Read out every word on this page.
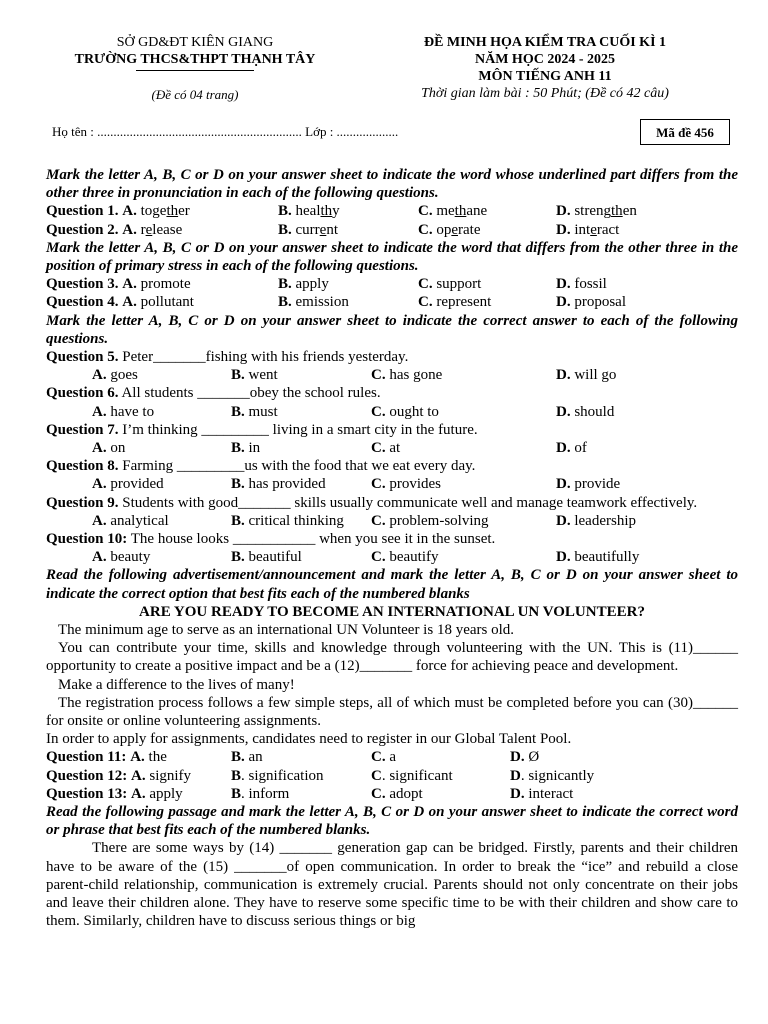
SỞ GD&ĐT KIÊN GIANG
TRƯỜNG THCS&THPT THẠNH TÂY
(Đề có 04 trang)
ĐỀ MINH HỌA KIỂM TRA CUỐI KÌ 1
NĂM HỌC 2024 - 2025
MÔN TIẾNG ANH 11
Thời gian làm bài : 50 Phút; (Đề có 42 câu)
Họ tên : ............................................................... Lớp : ...................	Mã đề 456
Mark the letter A, B, C or D on your answer sheet to indicate the word whose underlined part differs from the other three in pronunciation in each of the following questions.
Question 1. A. together	B. healthy	C. methane	D. strengthen
Question 2. A. release	B. current	C. operate	D. interact
Mark the letter A, B, C or D on your answer sheet to indicate the word that differs from the other three in the position of primary stress in each of the following questions.
Question 3. A. promote	B. apply	C. support	D. fossil
Question 4. A. pollutant	B. emission	C. represent	D. proposal
Mark the letter A, B, C or D on your answer sheet to indicate the correct answer to each of the following questions.
Question 5. Peter_______fishing with his friends yesterday.
A. goes	B. went	C. has gone	D. will go
Question 6. All students _______obey the school rules.
A. have to	B. must	C. ought to	D. should
Question 7. I’m thinking _________ living in a smart city in the future.
A. on	B. in	C. at	D. of
Question 8. Farming _________us with the food that we eat every day.
A. provided	B. has provided	C. provides	D. provide
Question 9. Students with good_______ skills usually communicate well and manage teamwork effectively.
A. analytical	B. critical thinking C. problem-solving	D. leadership
Question 10: The house looks ___________ when you see it in the sunset.
A. beauty	B. beautiful	C. beautify	D. beautifully
Read the following advertisement/announcement and mark the letter A, B, C or D on your answer sheet to indicate the correct option that best fits each of the numbered blanks
ARE YOU READY TO BECOME AN INTERNATIONAL UN VOLUNTEER?
The minimum age to serve as an international UN Volunteer is 18 years old.
You can contribute your time, skills and knowledge through volunteering with the UN. This is (11)______ opportunity to create a positive impact and be a (12)_______ force for achieving peace and development.
Make a difference to the lives of many!
The registration process follows a few simple steps, all of which must be completed before you can (30)______ for onsite or online volunteering assignments.
In order to apply for assignments, candidates need to register in our Global Talent Pool.
Question 11: A. the	B. an	C. a	D. Ø
Question 12: A. signify	B. signification	C. significant	D. signicantly
Question 13: A. apply	B. inform	C. adopt	D. interact
Read the following passage and mark the letter A, B, C or D on your answer sheet to indicate the correct word or phrase that best fits each of the numbered blanks.
There are some ways by (14) _______ generation gap can be bridged. Firstly, parents and their children have to be aware of the (15) _______of open communication. In order to break the “ice” and rebuild a close parent-child relationship, communication is extremely crucial. Parents should not only concentrate on their jobs and leave their children alone. They have to reserve some specific time to be with their children and show care to them. Similarly, children have to discuss serious things or big
